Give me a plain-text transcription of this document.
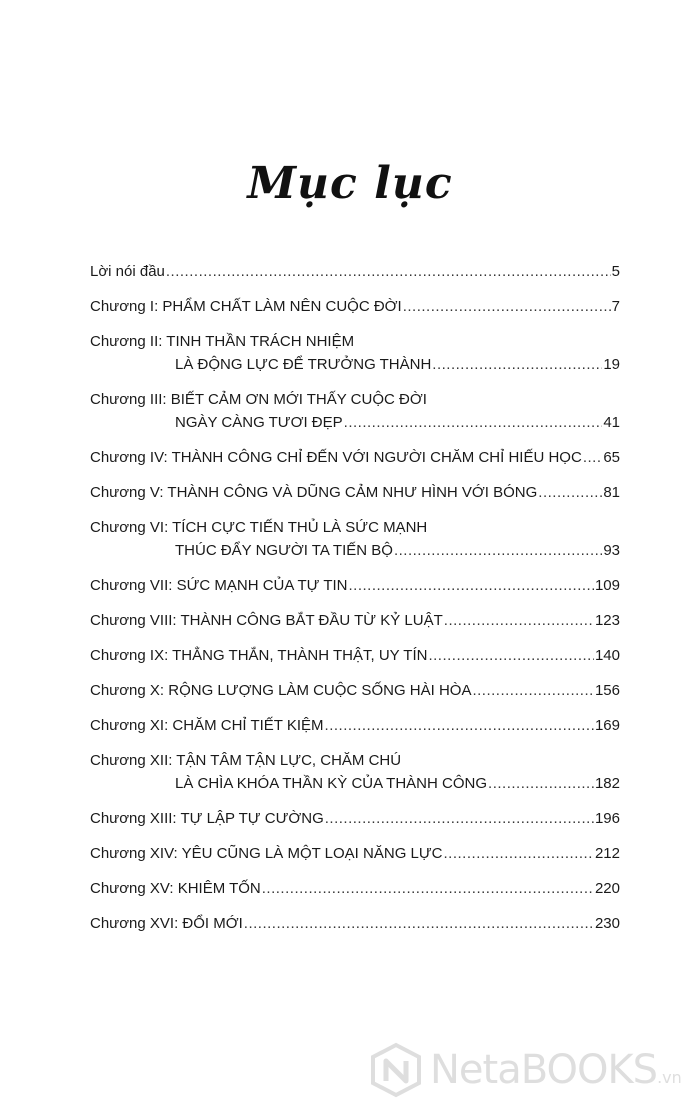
Mục lục
Lời nói đầu .....	5
Chương I: PHẨM CHẤT LÀM NÊN CUỘC ĐỜI .....	7
Chương II: TINH THẦN TRÁCH NHIỆM
LÀ ĐỘNG LỰC ĐỂ TRƯỞNG THÀNH .....	19
Chương III: BIẾT CẢM ƠN MỚI THẤY CUỘC ĐỜI
NGÀY CÀNG TƯƠI ĐẸP .....	41
Chương IV: THÀNH CÔNG CHỈ ĐẾN VỚI NGƯỜI CHĂM CHỈ HIẾU HỌC ..... 65
Chương V: THÀNH CÔNG VÀ DŨNG CẢM NHƯ HÌNH VỚI BÓNG .....	81
Chương VI: TÍCH CỰC TIẾN THỦ LÀ SỨC MẠNH
THÚC ĐẨY NGƯỜI TA TIẾN BỘ .....	93
Chương VII: SỨC MẠNH CỦA TỰ TIN .....	109
Chương VIII: THÀNH CÔNG BẮT ĐẦU TỪ KỶ LUẬT .....	123
Chương IX: THẲNG THẮN, THÀNH THẬT, UY TÍN .....	140
Chương X: RỘNG LƯỢNG LÀM CUỘC SỐNG HÀI HÒA .....	156
Chương XI: CHĂM CHỈ TIẾT KIỆM .....	169
Chương XII: TẬN TÂM TẬN LỰC, CHĂM CHÚ
LÀ CHÌA KHÓA THẦN KỲ CỦA THÀNH CÔNG .....	182
Chương XIII: TỰ LẬP TỰ CƯỜNG .....	196
Chương XIV: YÊU CŨNG LÀ MỘT LOẠI NĂNG LỰC .....	212
Chương XV: KHIÊM TỐN .....	220
Chương XVI: ĐỔI MỚI .....	230
NetaBOOKS.vn
